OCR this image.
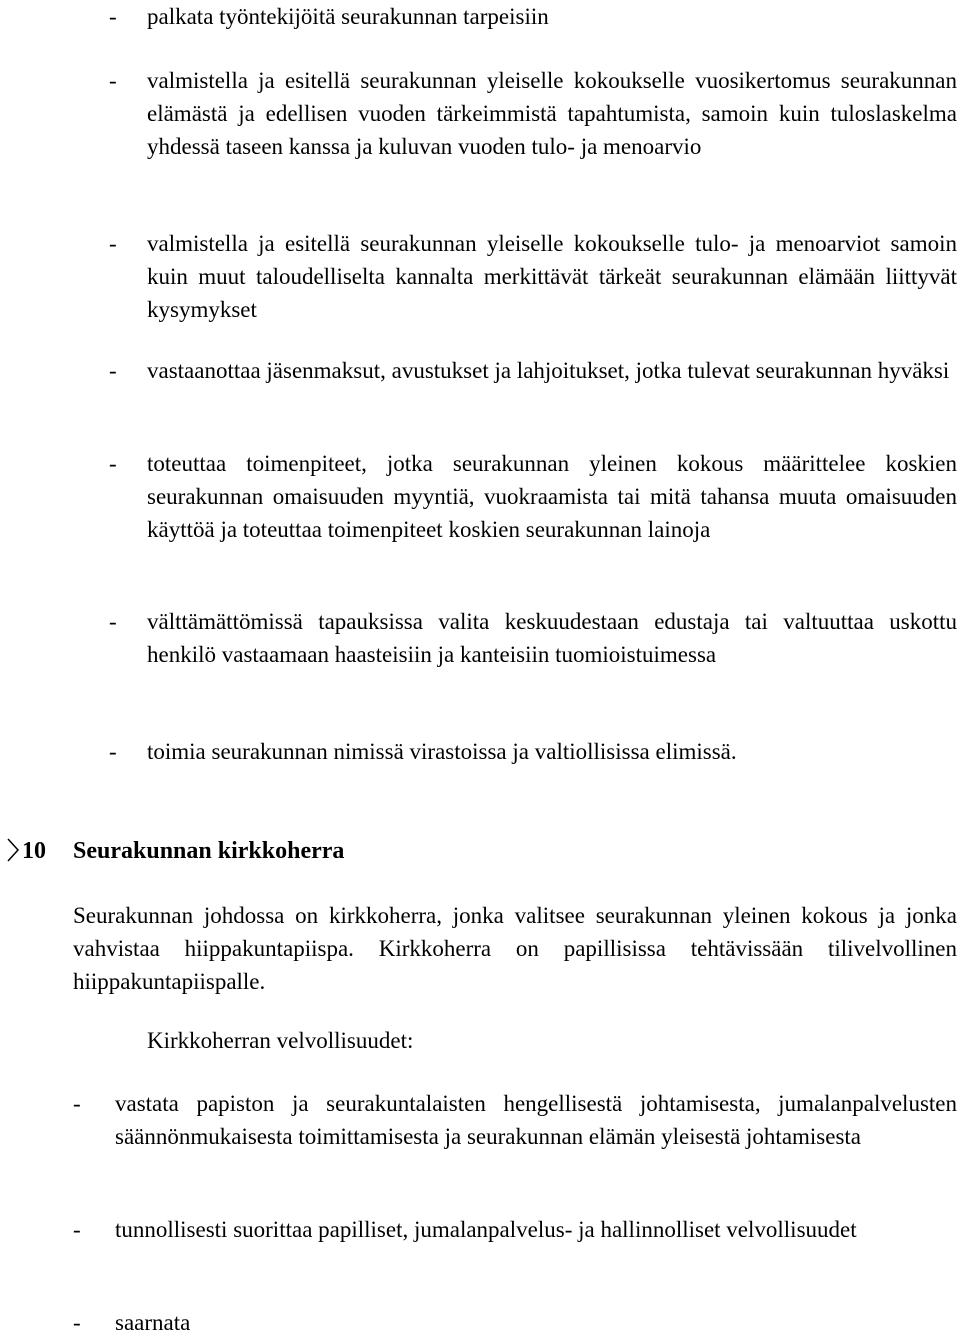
-	palkata työntekijöitä seurakunnan tarpeisiin
-	valmistella ja esitellä seurakunnan yleiselle kokoukselle vuosikertomus seurakunnan elämästä ja edellisen vuoden tärkeimmistä tapahtumista, samoin kuin tuloslaskelma yhdessä taseen kanssa ja kuluvan vuoden tulo- ja menoarvio
-	valmistella ja esitellä seurakunnan yleiselle kokoukselle tulo- ja menoarviot samoin kuin muut taloudelliselta kannalta merkittävät tärkeät seurakunnan elämään liittyvät kysymykset
-	vastaanottaa jäsenmaksut, avustukset ja lahjoitukset, jotka tulevat seurakunnan hyväksi
-	toteuttaa toimenpiteet, jotka seurakunnan yleinen kokous määrittelee koskien seurakunnan omaisuuden myyntiä, vuokraamista tai mitä tahansa muuta omaisuuden käyttöä ja toteuttaa toimenpiteet koskien seurakunnan lainoja
-	välttämättömissä tapauksissa valita keskuudestaan edustaja tai valtuuttaa uskottu henkilö vastaamaan haasteisiin ja kanteisiin tuomioistuimessa
-	toimia seurakunnan nimissä virastoissa ja valtiollisissa elimissä.
10 Seurakunnan kirkkoherra
Seurakunnan johdossa on kirkkoherra, jonka valitsee seurakunnan yleinen kokous ja jonka vahvistaa hiippakuntapiispa. Kirkkoherra on papillisissa tehtävissään tilivelvollinen hiippakuntapiispalle.
Kirkkoherran velvollisuudet:
-	vastata papiston ja seurakuntalaisten hengellisestä johtamisesta, jumalanpalvelusten säännönmukaisesta toimittamisesta ja seurakunnan elämän yleisestä johtamisesta
-	tunnollisesti suorittaa papilliset, jumalanpalvelus- ja hallinnolliset velvollisuudet
-	saarnata
